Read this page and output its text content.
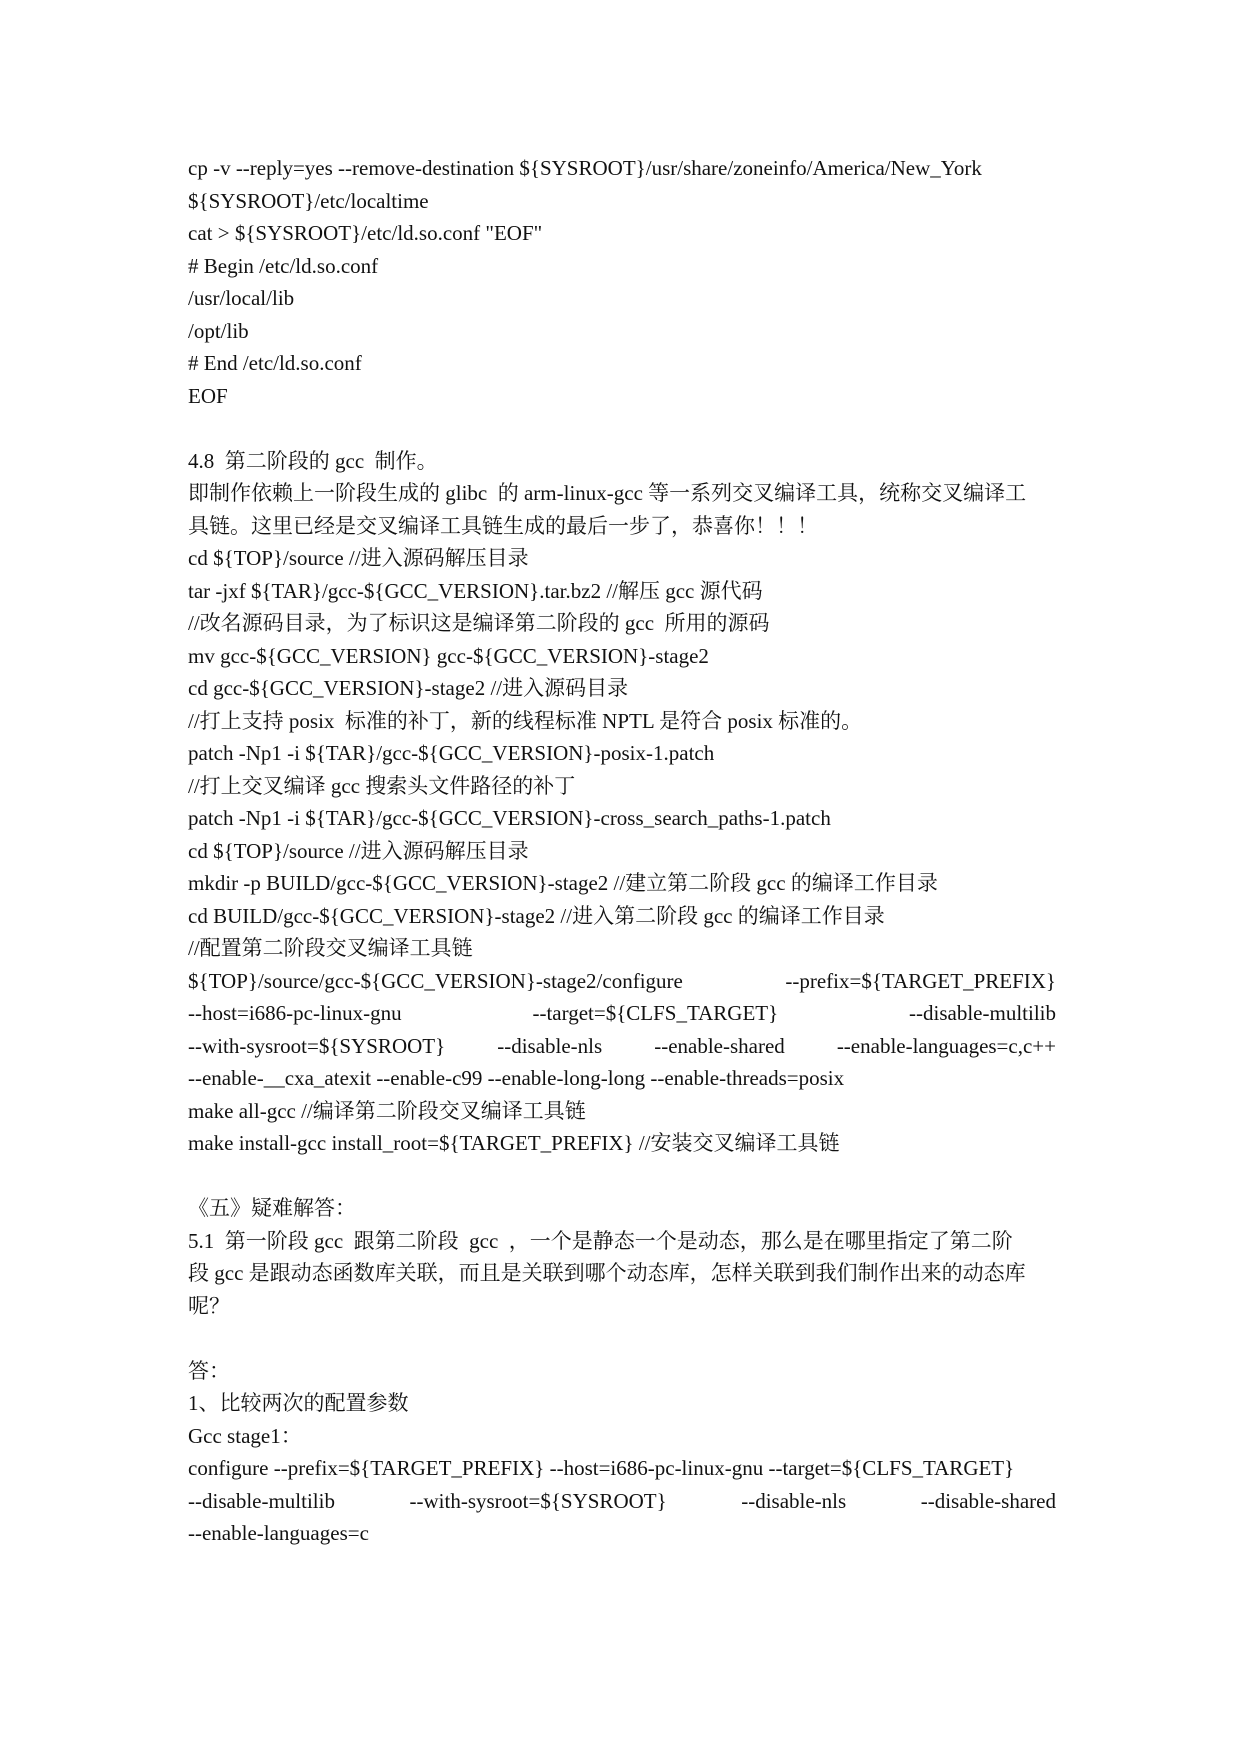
cp -v --reply=yes --remove-destination ${SYSROOT}/usr/share/zoneinfo/America/New_York
${SYSROOT}/etc/localtime
cat > ${SYSROOT}/etc/ld.so.conf "EOF"
# Begin /etc/ld.so.conf
/usr/local/lib
/opt/lib
# End /etc/ld.so.conf
EOF
4.8  第二阶段的 gcc  制作。
即制作依赖上一阶段生成的 glibc  的 arm-linux-gcc 等一系列交叉编译工具，统称交叉编译工
具链。这里已经是交叉编译工具链生成的最后一步了，恭喜你！！！
cd ${TOP}/source //进入源码解压目录
tar -jxf ${TAR}/gcc-${GCC_VERSION}.tar.bz2 //解压 gcc 源代码
//改名源码目录，为了标识这是编译第二阶段的 gcc  所用的源码
mv gcc-${GCC_VERSION} gcc-${GCC_VERSION}-stage2
cd gcc-${GCC_VERSION}-stage2 //进入源码目录
//打上支持 posix  标准的补丁，新的线程标准 NPTL 是符合 posix 标准的。
patch -Np1 -i ${TAR}/gcc-${GCC_VERSION}-posix-1.patch
//打上交叉编译 gcc 搜索头文件路径的补丁
patch -Np1 -i ${TAR}/gcc-${GCC_VERSION}-cross_search_paths-1.patch
cd ${TOP}/source //进入源码解压目录
mkdir -p BUILD/gcc-${GCC_VERSION}-stage2 //建立第二阶段 gcc 的编译工作目录
cd BUILD/gcc-${GCC_VERSION}-stage2 //进入第二阶段 gcc 的编译工作目录
//配置第二阶段交叉编译工具链
${TOP}/source/gcc-${GCC_VERSION}-stage2/configure	--prefix=${TARGET_PREFIX}
--host=i686-pc-linux-gnu	--target=${CLFS_TARGET}	--disable-multilib
--with-sysroot=${SYSROOT} --disable-nls --enable-shared --enable-languages=c,c++
--enable-__cxa_atexit --enable-c99 --enable-long-long --enable-threads=posix
make all-gcc //编译第二阶段交叉编译工具链
make install-gcc install_root=${TARGET_PREFIX} //安装交叉编译工具链
《五》疑难解答：
5.1  第一阶段 gcc  跟第二阶段  gcc  ，一个是静态一个是动态，那么是在哪里指定了第二阶
段 gcc 是跟动态函数库关联，而且是关联到哪个动态库，怎样关联到我们制作出来的动态库
呢？
答：
1、比较两次的配置参数
Gcc stage1：
configure --prefix=${TARGET_PREFIX} --host=i686-pc-linux-gnu --target=${CLFS_TARGET}
--disable-multilib	--with-sysroot=${SYSROOT}	--disable-nls	--disable-shared
--enable-languages=c
